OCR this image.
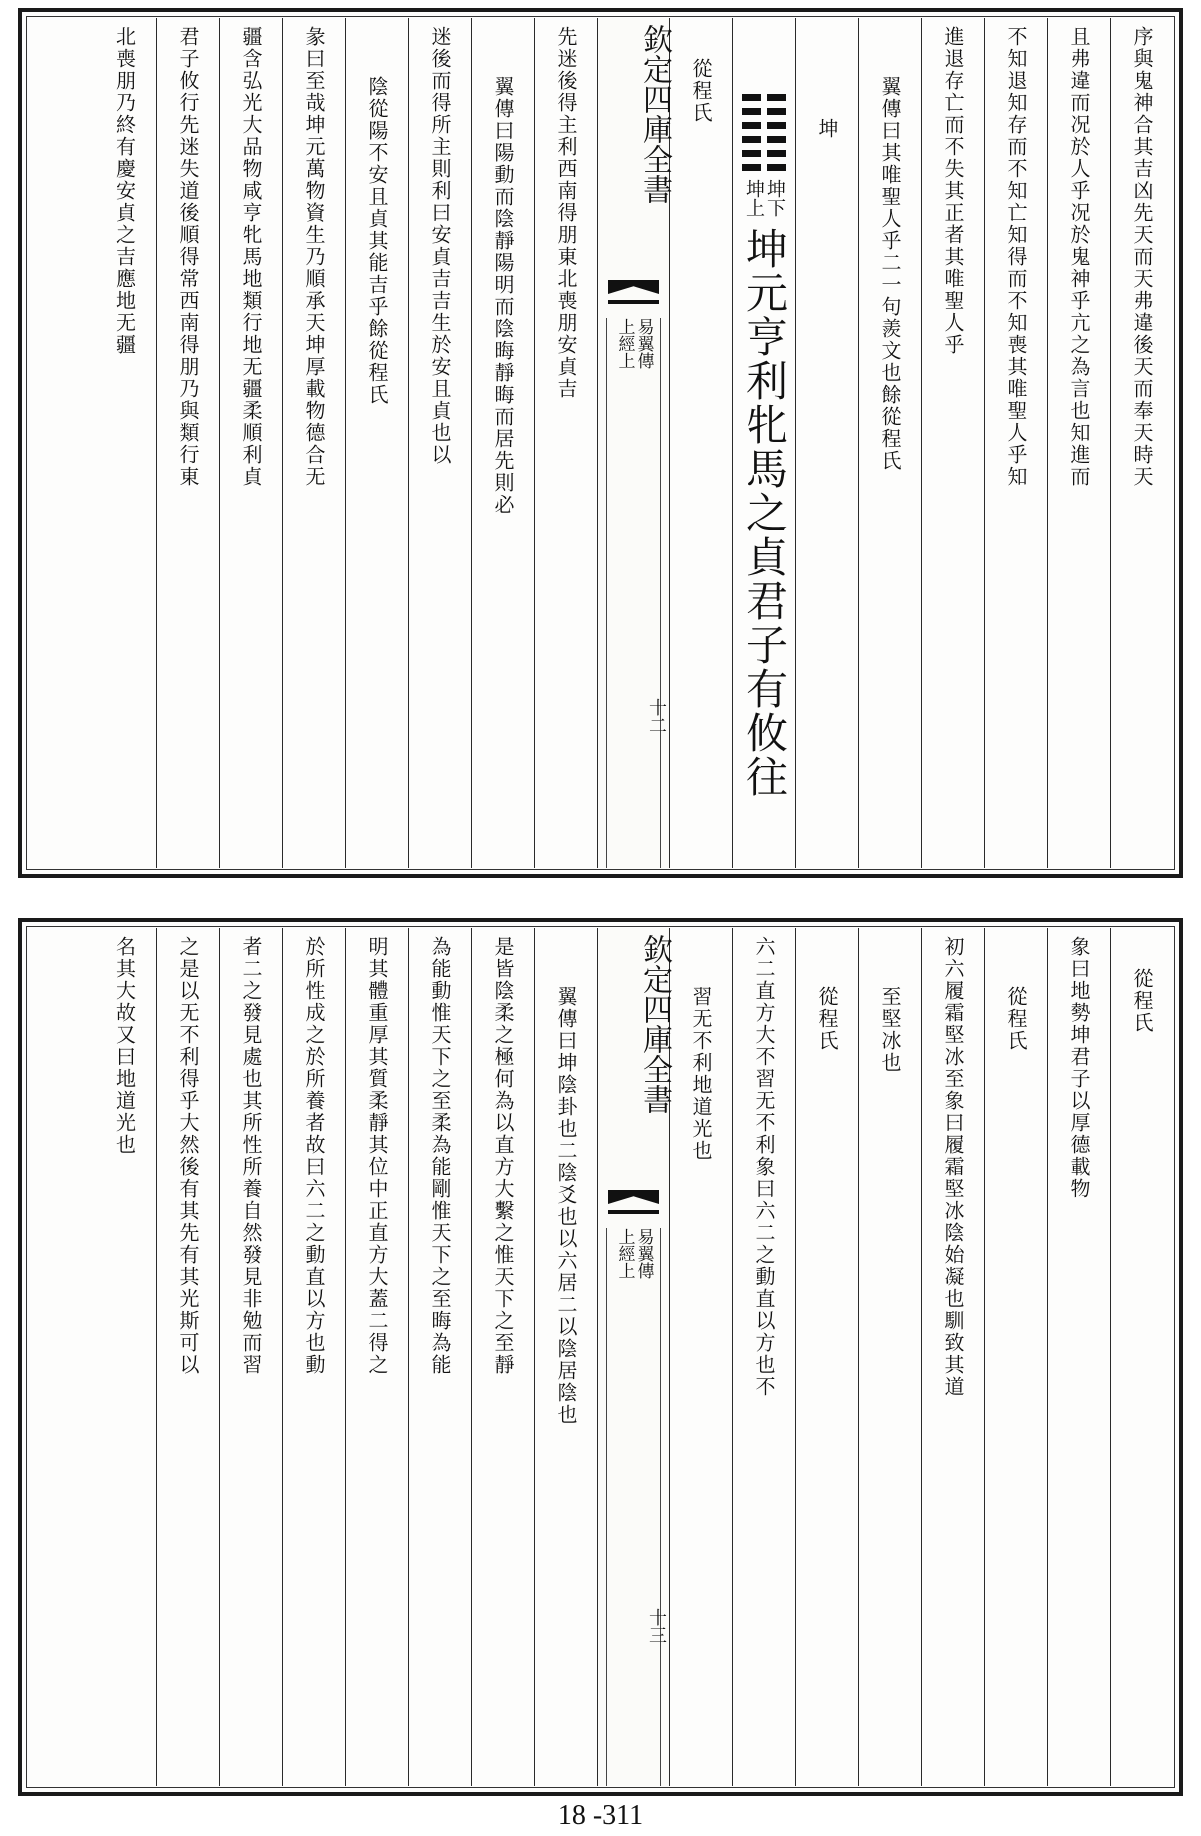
序與鬼神合其吉凶先天而天弗違後天而奉天時天
且弗違而况於人乎况於鬼神乎亢之為言也知進而
不知退知存而不知亡知得而不知喪其唯聖人乎知
進退存亡而不失其正者其唯聖人乎
翼傳曰其唯聖人乎二一句羨文也餘從程氏
坤
坤下
坤上
坤元亨利牝馬之貞君子有攸往
從程氏
欽定四庫全書
易翼傳
上經上
十二
先迷後得主利西南得朋東北喪朋安貞吉
翼傳曰陽動而陰靜陽明而陰晦靜晦而居先則必
迷後而得所主則利曰安貞吉吉生於安且貞也以
陰從陽不安且貞其能吉乎餘從程氏
彖曰至哉坤元萬物資生乃順承天坤厚載物德合无
疆含弘光大品物咸亨牝馬地類行地无疆柔順利貞
君子攸行先迷失道後順得常西南得朋乃與類行東
北喪朋乃終有慶安貞之吉應地无疆
從程氏
象曰地勢坤君子以厚德載物
從程氏
初六履霜堅冰至象曰履霜堅冰陰始凝也馴致其道
至堅冰也
從程氏
六二直方大不習无不利象曰六二之動直以方也不
習无不利地道光也
欽定四庫全書
易翼傳
上經上
十三
翼傳曰坤陰卦也二陰爻也以六居二以陰居陰也
是皆陰柔之極何為以直方大繫之惟天下之至靜
為能動惟天下之至柔為能剛惟天下之至晦為能
明其體重厚其質柔靜其位中正直方大蓋二得之
於所性成之於所養者故曰六二之動直以方也動
者二之發見處也其所性所養自然發見非勉而習
之是以无不利得乎大然後有其先有其光斯可以
名其大故又曰地道光也
18 -311
